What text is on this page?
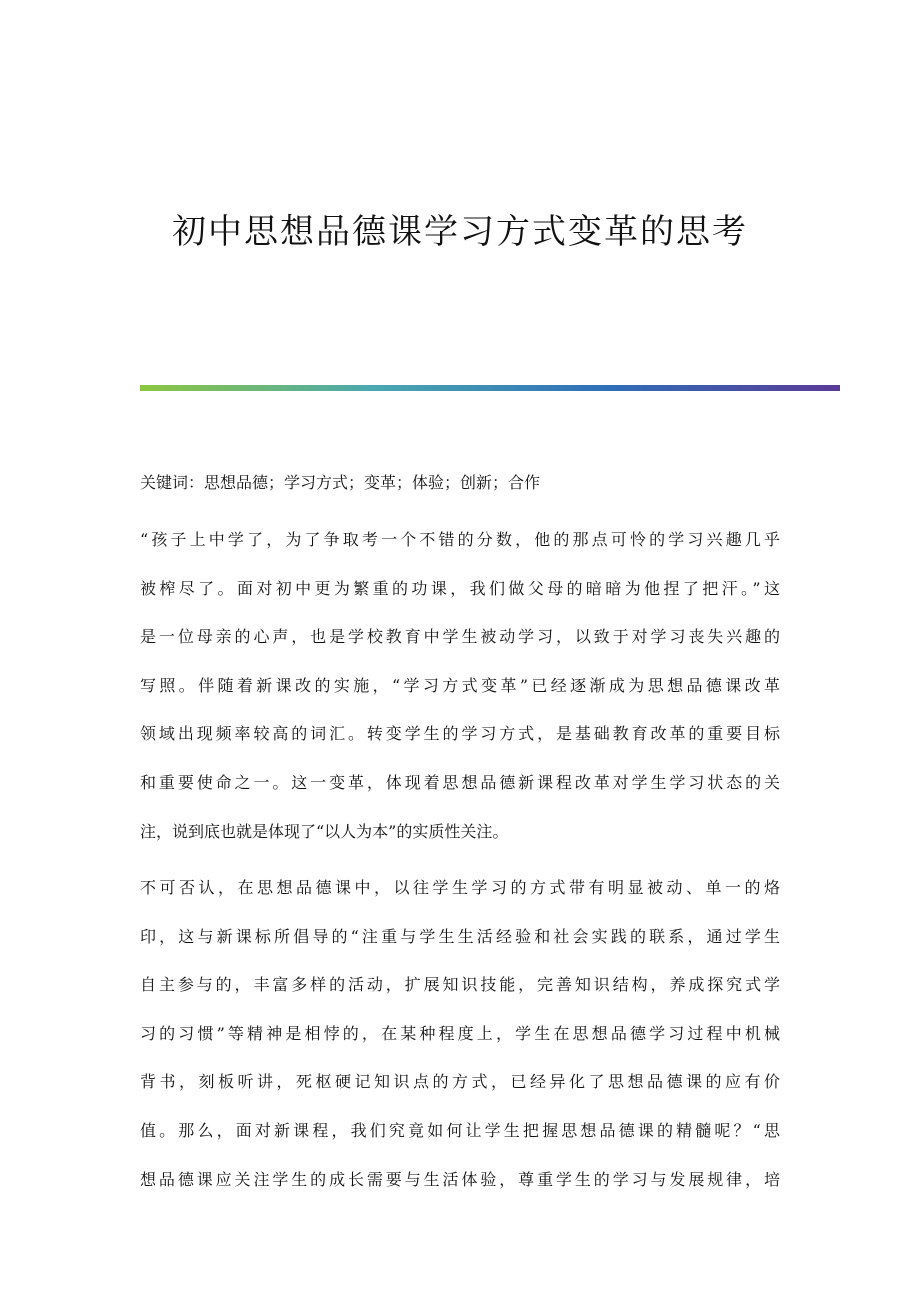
初中思想品德课学习方式变革的思考
关键词：思想品德；学习方式；变革；体验；创新；合作
“孩子上中学了，为了争取考一个不错的分数，他的那点可怜的学习兴趣几乎
被榨尽了。面对初中更为繁重的功课，我们做父母的暗暗为他捏了把汗。”这
是一位母亲的心声，也是学校教育中学生被动学习，以致于对学习丧失兴趣的
写照。伴随着新课改的实施，“学习方式变革”已经逐渐成为思想品德课改革
领域出现频率较高的词汇。转变学生的学习方式，是基础教育改革的重要目标
和重要使命之一。这一变革，体现着思想品德新课程改革对学生学习状态的关
注，说到底也就是体现了“以人为本”的实质性关注。
不可否认，在思想品德课中，以往学生学习的方式带有明显被动、单一的烙
印，这与新课标所倡导的“注重与学生生活经验和社会实践的联系，通过学生
自主参与的，丰富多样的活动，扩展知识技能，完善知识结构，养成探究式学
习的习惯”等精神是相悖的，在某种程度上，学生在思想品德学习过程中机械
背书，刻板听讲，死枢硬记知识点的方式，已经异化了思想品德课的应有价
值。那么，面对新课程，我们究竟如何让学生把握思想品德课的精髓呢？“思
想品德课应关注学生的成长需要与生活体验，尊重学生的学习与发展规律，培
